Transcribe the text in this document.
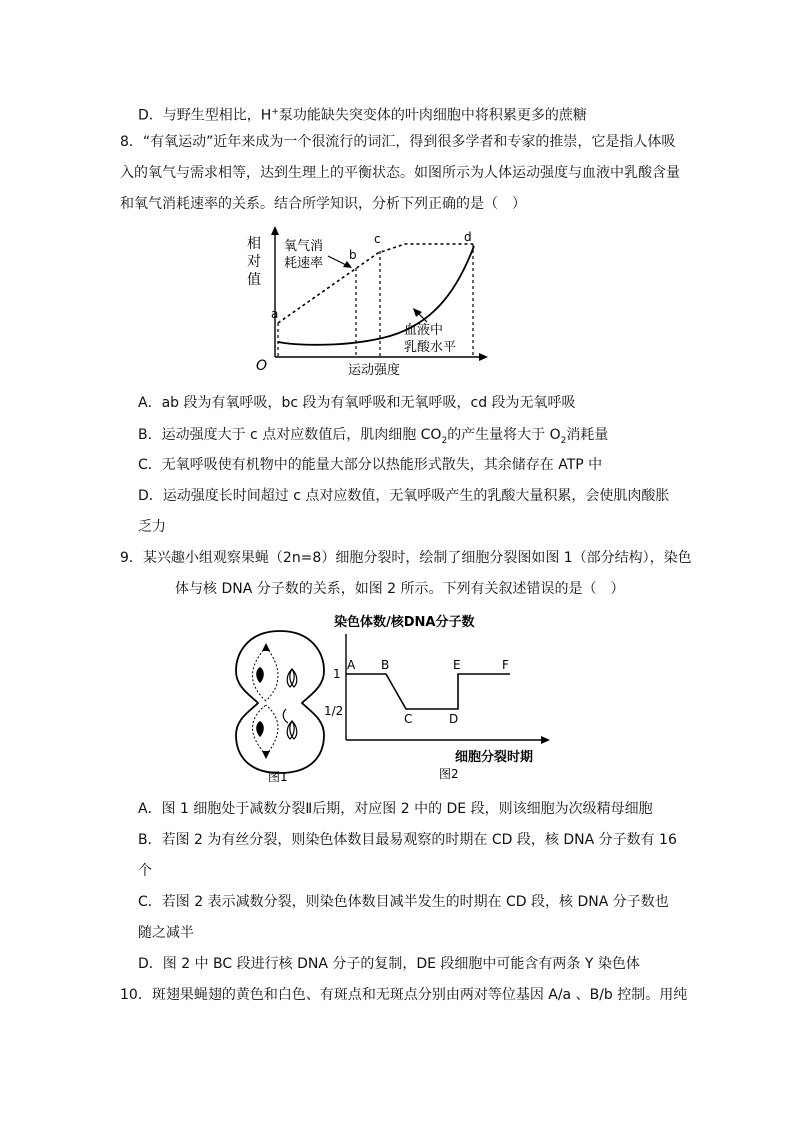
D．与野生型相比，H+泵功能缺失突变体的叶肉细胞中将积累更多的蔗糖
8．“有氧运动”近年来成为一个很流行的词汇，得到很多学者和专家的推崇，它是指人体吸
入的氧气与需求相等，达到生理上的平衡状态。如图所示为人体运动强度与血液中乳酸含量
和氧气消耗速率的关系。结合所学知识，分析下列正确的是（　）
相
对
值
O	运动强度
a
b
c	d
氧气消
耗速率
血液中
乳酸水平
A．ab 段为有氧呼吸，bc 段为有氧呼吸和无氧呼吸，cd 段为无氧呼吸
B．运动强度大于 c 点对应数值后，肌肉细胞 $CO_2$的产生量将大于 $O_2$消耗量
C．无氧呼吸使有机物中的能量大部分以热能形式散失，其余储存在 ATP 中
D．运动强度长时间超过 c 点对应数值，无氧呼吸产生的乳酸大量积累，会使肌肉酸胀
乏力
9．某兴趣小组观察果蝇（2n=8）细胞分裂时，绘制了细胞分裂图如图 1（部分结构），染色
体与核 DNA 分子数的关系，如图 2 所示。下列有关叙述错误的是（　）
图1
染色体数/核DNA分子数
细胞分裂时期
1
1/2
A B
C	D
E	F
图2
A．图 1 细胞处于减数分裂Ⅱ后期，对应图 2 中的 DE 段，则该细胞为次级精母细胞
B．若图 2 为有丝分裂，则染色体数目最易观察的时期在 CD 段，核 DNA 分子数有 16
个
C．若图 2 表示减数分裂，则染色体数目减半发生的时期在 CD 段，核 DNA 分子数也
随之减半
D．图 2 中 BC 段进行核 DNA 分子的复制，DE 段细胞中可能含有两条 Y 染色体
10．斑翅果蝇翅的黄色和白色、有斑点和无斑点分别由两对等位基因 A/a 、B/b 控制。用纯
